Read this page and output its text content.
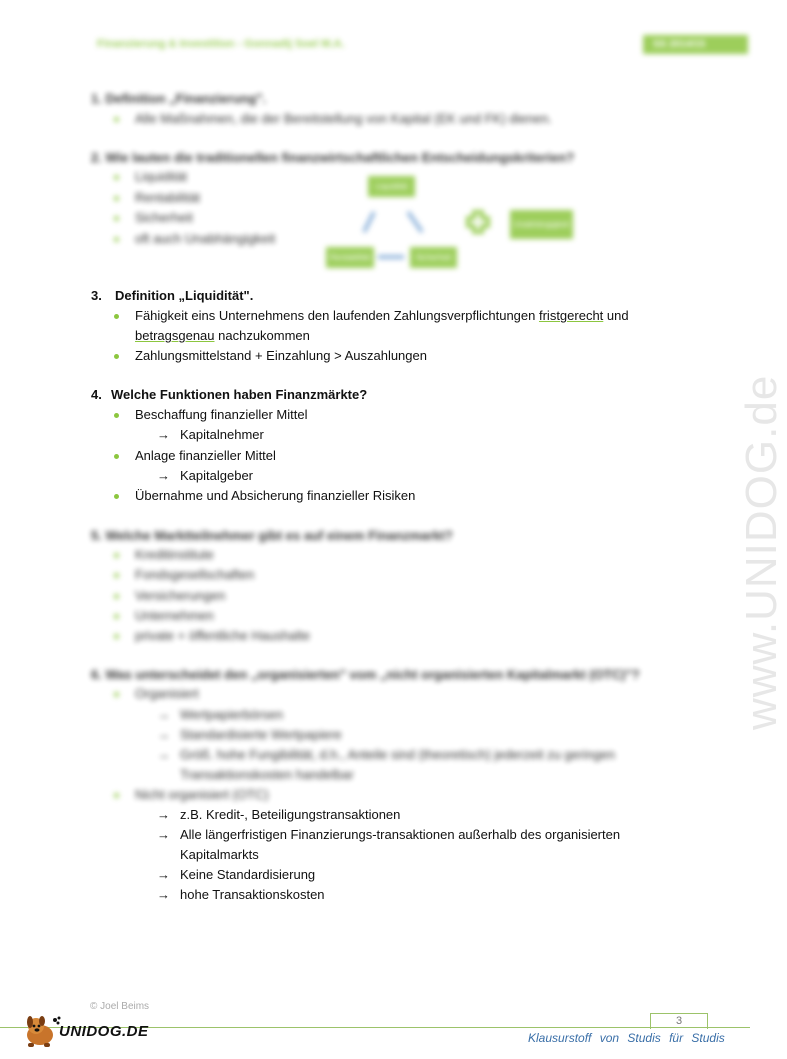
Finanzierung & Investition - Gonnadij Soel M.A.	SS 2014/15
www.UNIDOG.de
1. Definition „Finanzierung".
Alle Maßnahmen, die der Bereitstellung von Kapital (EK und FK) dienen.
2. Wie lauten die traditionellen finanzwirtschaftlichen Entscheidungskriterien?
Liquidität
Rentabilität
Sicherheit
oft auch Unabhängigkeit
Liquidität
Rentabilität	Sicherheit
Unabhängigkeit
3. Definition „Liquidität".
Fähigkeit eins Unternehmens den laufenden Zahlungsverpflichtungen fristgerecht und
betragsgenau nachzukommen
Zahlungsmittelstand + Einzahlung > Auszahlungen
4. Welche Funktionen haben Finanzmärkte?
Beschaffung finanzieller Mittel
→ Kapitalnehmer
Anlage finanzieller Mittel
→ Kapitalgeber
Übernahme und Absicherung finanzieller Risiken
5. Welche Marktteilnehmer gibt es auf einem Finanzmarkt?
Kreditinstitute
Fondsgesellschaften
Versicherungen
Unternehmen
private + öffentliche Haushalte
6. Was unterscheidet den „organisierten" vom „nicht organisierten Kapitalmarkt (OTC)"?
Organisiert
→ Wertpapierbörsen
→ Standardisierte Wertpapiere
→ Größ. hohe Fungibilität, d.h., Anteile sind (theoretisch) jederzeit zu geringen
Transaktionskosten handelbar
Nicht organisiert (OTC)
→ z.B. Kredit-, Beteiligungstransaktionen
→ Alle längerfristigen Finanzierungs-transaktionen außerhalb des organisierten
Kapitalmarkts
→ Keine Standardisierung
→ hohe Transaktionskosten
© Joel Beims
3
Klausurstoff von Studis für Studis
UNIDOG.DE
